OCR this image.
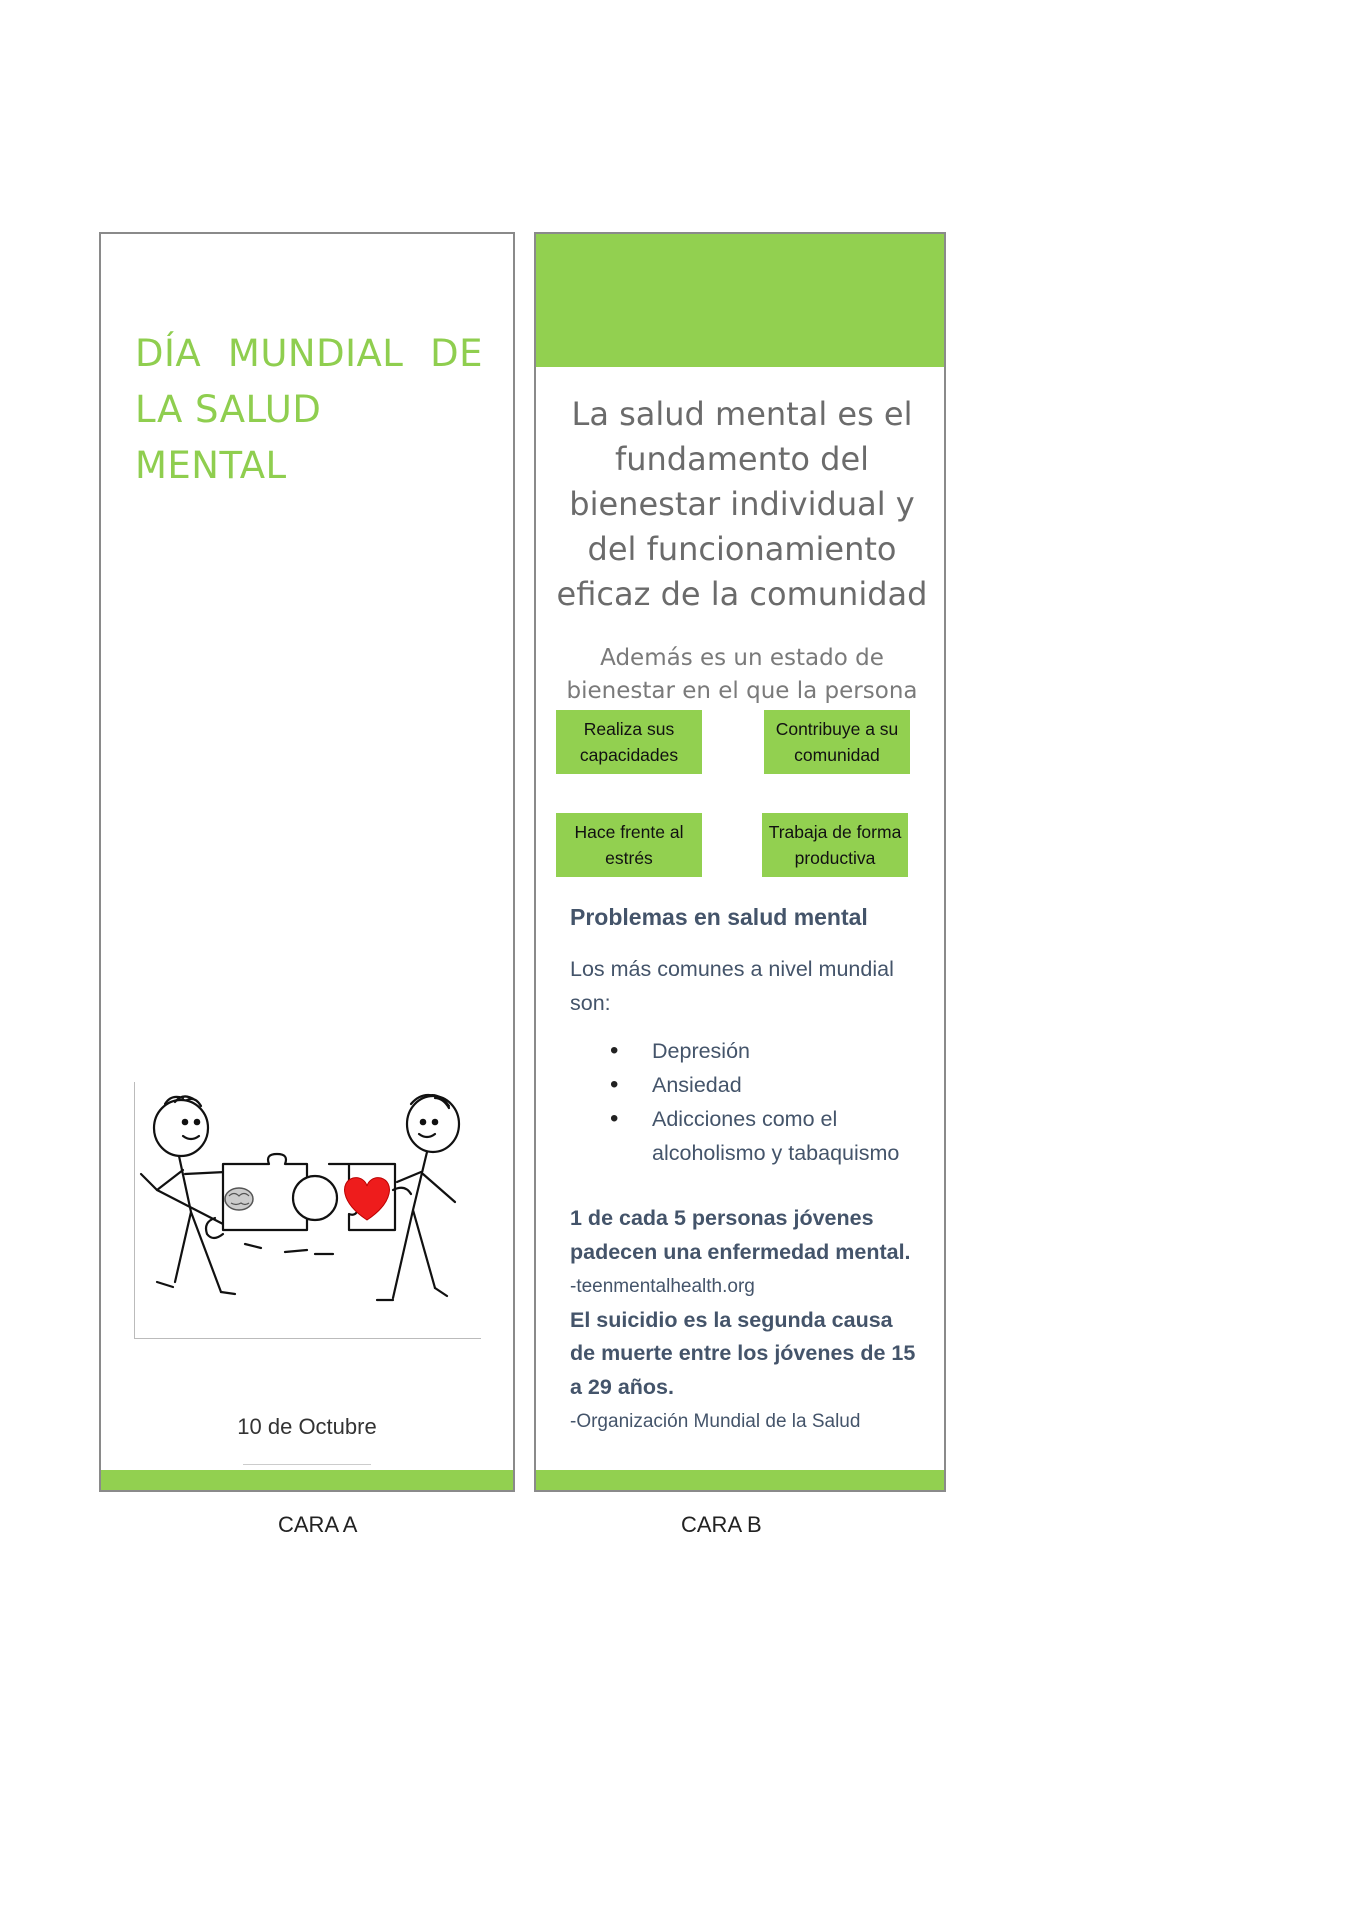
DÍA MUNDIAL DE
LA SALUD MENTAL
10 de Octubre

La salud mental es el fundamento del bienestar individual y del funcionamiento eficaz de la comunidad

Además es un estado de bienestar en el que la persona

Realiza sus
capacidades
Contribuye a su
comunidad
Hace frente al
estrés
Trabaja de forma
productiva
Problemas en salud mental
Los más comunes a nivel mundial son:
• Depresión
• Ansiedad
• Adicciones como el alcoholismo y tabaquismo
1 de cada 5 personas jóvenes padecen una enfermedad mental. -teenmentalhealth.org
El suicidio es la segunda causa de muerte entre los jóvenes de 15 a 29 años.
-Organización Mundial de la Salud
CARA A	CARA B
